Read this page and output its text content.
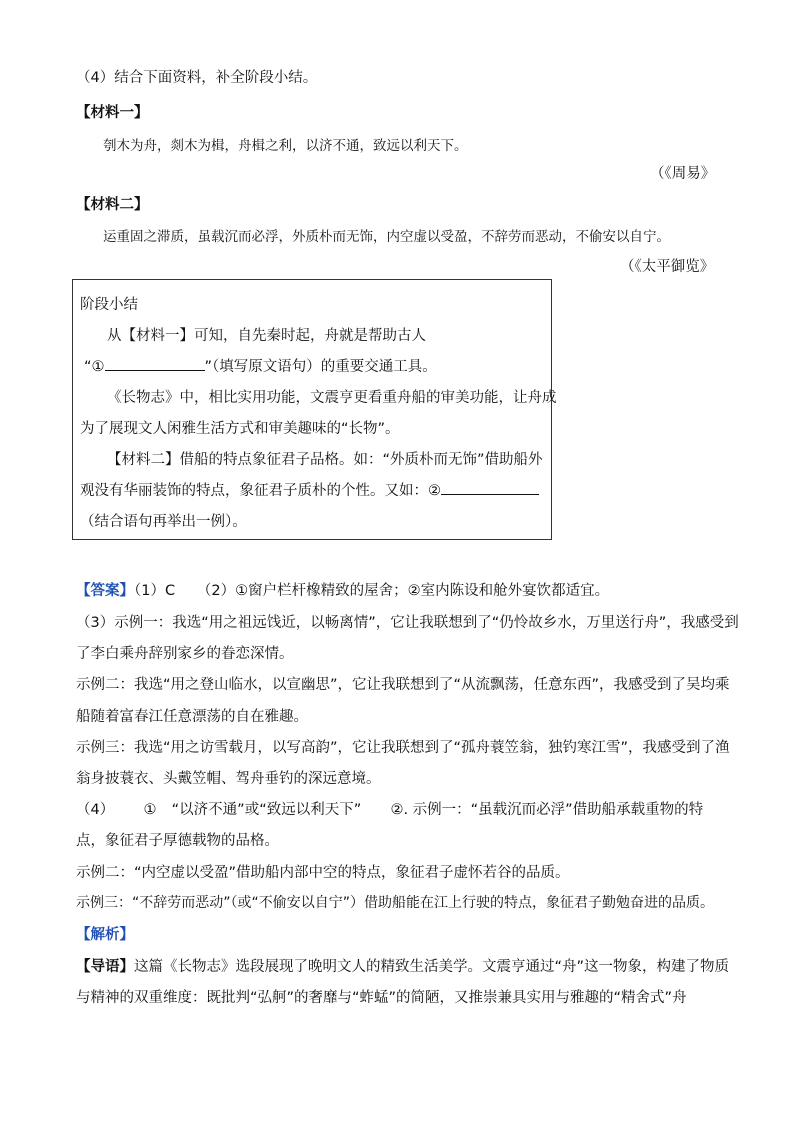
（4）结合下面资料，补全阶段小结。
【材料一】
刳木为舟，剡木为楫，舟楫之利，以济不通，致远以利天下。
（《周易》
【材料二】
运重固之滞质，虽载沉而必浮，外质朴而无饰，内空虚以受盈，不辞劳而恶动，不偷安以自宁。
（《太平御览》
阶段小结
从【材料一】可知，自先秦时起，舟就是帮助古人
“①	”（填写原文语句）的重要交通工具。
《长物志》中，相比实用功能，文震亨更看重舟船的审美功能，让舟成
为了展现文人闲雅生活方式和审美趣味的“长物”。
【材料二】借船的特点象征君子品格。如：“外质朴而无饰”借助船外
观没有华丽装饰的特点，象征君子质朴的个性。又如：②
（结合语句再举出一例）。
【答案】（1）C　　（2）①窗户栏杆橡精致的屋舍；②室内陈设和舱外宴饮都适宜。
（3）示例一：我选“用之祖远饯近，以畅离情”，它让我联想到了“仍怜故乡水，万里送行舟”，我感受到
了李白乘舟辞别家乡的眷恋深情。
示例二：我选“用之登山临水，以宣幽思”，它让我联想到了“从流飘荡，任意东西”，我感受到了吴均乘
船随着富春江任意漂荡的自在雅趣。
示例三：我选“用之访雪载月，以写高韵”，它让我联想到了“孤舟蓑笠翁，独钓寒江雪”，我感受到了渔
翁身披蓑衣、头戴笠帽、驾舟垂钓的深远意境。
（4） ① “以济不通”或“致远以利天下” ②. 示例一：“虽载沉而必浮”借助船承载重物的特
点，象征君子厚德载物的品格。
示例二：“内空虚以受盈”借助船内部中空的特点，象征君子虚怀若谷的品质。
示例三：“不辞劳而恶动”（或“不偷安以自宁”）借助船能在江上行驶的特点，象征君子勤勉奋进的品质。
【解析】
【导语】这篇《长物志》选段展现了晚明文人的精致生活美学。文震亨通过“舟”这一物象，构建了物质
与精神的双重维度：既批判“弘舸”的奢靡与“蚱蜢”的简陋，又推崇兼具实用与雅趣的“精舍式”舟
